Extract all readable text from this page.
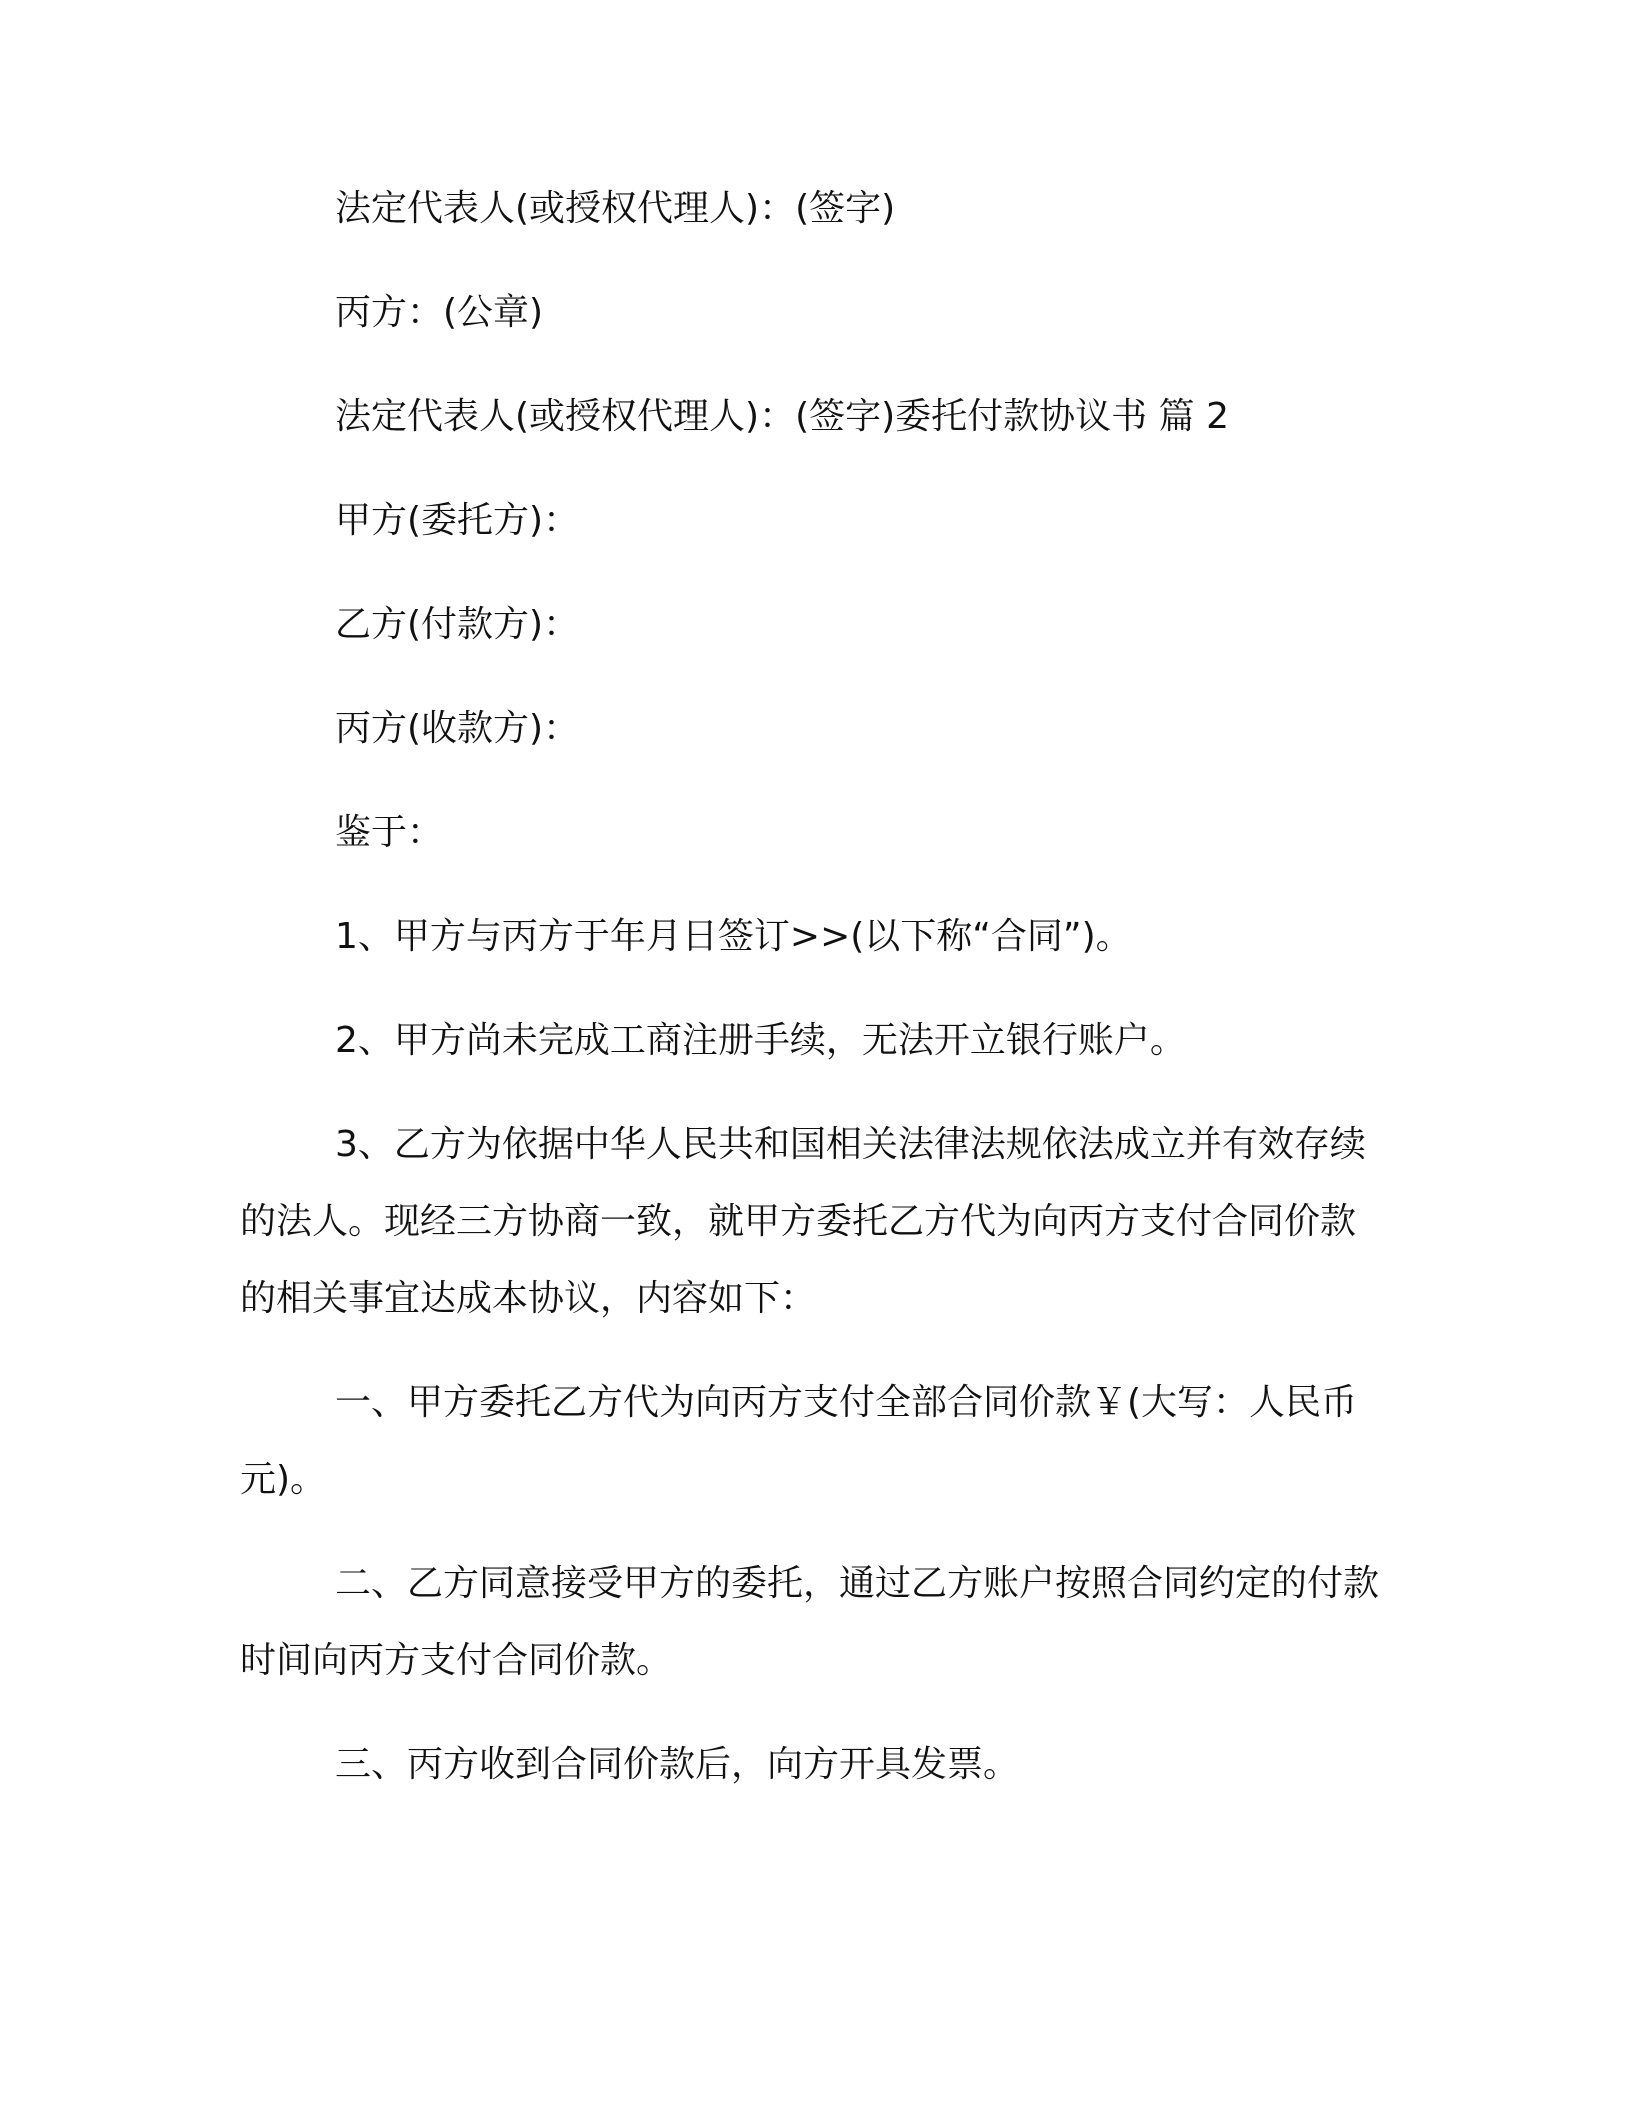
法定代表人(或授权代理人)：(签字)

丙方：(公章)

法定代表人(或授权代理人)：(签字)委托付款协议书 篇 2

甲方(委托方)：

乙方(付款方)：

丙方(收款方)：

鉴于：

1、甲方与丙方于年月日签订>>(以下称“合同”)。

2、甲方尚未完成工商注册手续，无法开立银行账户。

3、乙方为依据中华人民共和国相关法律法规依法成立并有效存续的法人。现经三方协商一致，就甲方委托乙方代为向丙方支付合同价款的相关事宜达成本协议，内容如下：

一、甲方委托乙方代为向丙方支付全部合同价款￥(大写：人民币元)。

二、乙方同意接受甲方的委托，通过乙方账户按照合同约定的付款时间向丙方支付合同价款。

三、丙方收到合同价款后，向方开具发票。
